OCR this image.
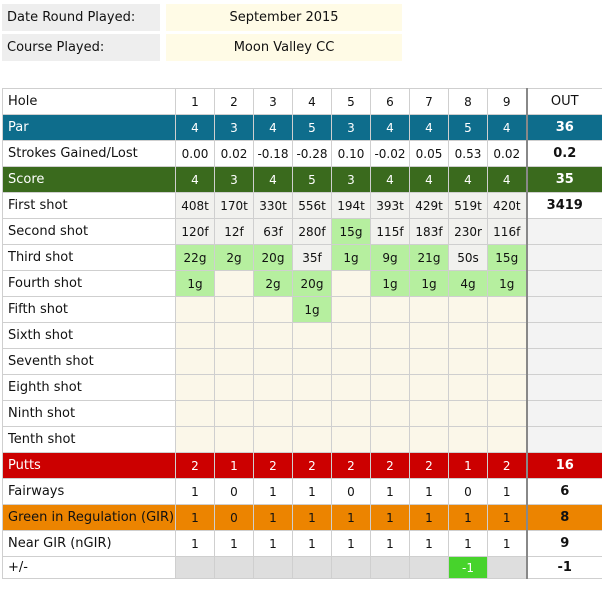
Date Round Played:		September 2015

Course Played:		Moon Valley CC
Hole	1	2	3	4	5	6	7	8	9	OUT
Par	4	3	4	5	3	4	4	5	4	36
Strokes Gained/Lost	0.00	0.02	-0.18	-0.28	0.10	-0.02	0.05	0.53	0.02	0.2
Score	4	3	4	5	3	4	4	4	4	35
First shot	408t	170t	330t	556t	194t	393t	429t	519t	420t	3419
Second shot	120f	12f	63f	280f	15g	115f	183f	230r	116f	
Third shot	22g	2g	20g	35f	1g	9g	21g	50s	15g	
Fourth shot	1g		2g	20g		1g	1g	4g	1g	
Fifth shot				1g						
Sixth shot										
Seventh shot										
Eighth shot										
Ninth shot										
Tenth shot										
Putts	2	1	2	2	2	2	2	1	2	16
Fairways	1	0	1	1	0	1	1	0	1	6
Green in Regulation (GIR)	1	0	1	1	1	1	1	1	1	8
Near GIR (nGIR)	1	1	1	1	1	1	1	1	1	9
+/-								-1		-1
